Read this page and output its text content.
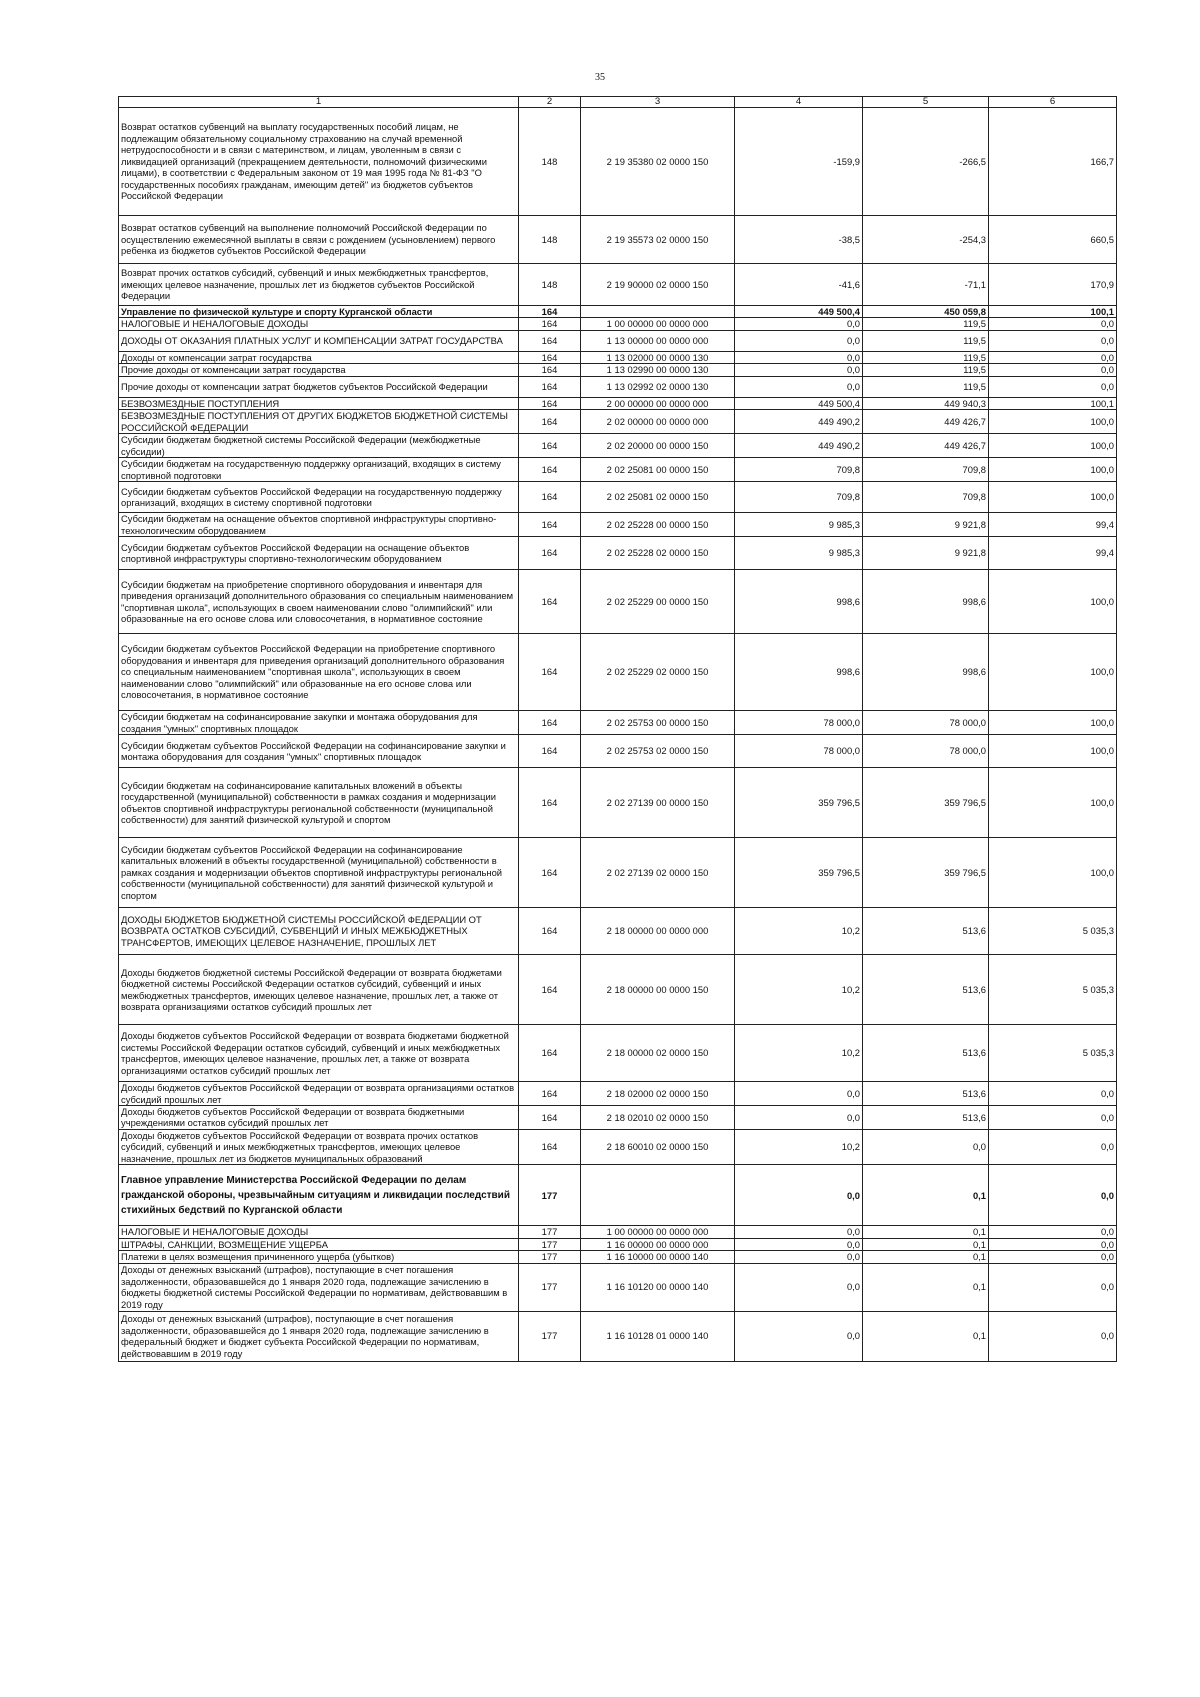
35
1	2	3	4	5	6
Возврат остатков субвенций на выплату государственных пособий лицам, не подлежащим обязательному социальному страхованию на случай временной нетрудоспособности и в связи с материнством, и лицам, уволенным в связи с ликвидацией организаций (прекращением деятельности, полномочий физическими лицами), в соответствии с Федеральным законом от 19 мая 1995 года № 81-ФЗ "О государственных пособиях гражданам, имеющим детей" из бюджетов субъектов Российской Федерации	148	2 19 35380 02 0000 150	-159,9	-266,5	166,7
Возврат остатков субвенций на выполнение полномочий Российской Федерации по осуществлению ежемесячной выплаты в связи с рождением (усыновлением) первого ребенка из бюджетов субъектов Российской Федерации	148	2 19 35573 02 0000 150	-38,5	-254,3	660,5
Возврат прочих остатков субсидий, субвенций и иных межбюджетных трансфертов, имеющих целевое назначение, прошлых лет из бюджетов субъектов Российской Федерации	148	2 19 90000 02 0000 150	-41,6	-71,1	170,9
Управление по физической культуре и спорту Курганской области	164		449 500,4	450 059,8	100,1
НАЛОГОВЫЕ И НЕНАЛОГОВЫЕ ДОХОДЫ	164	1 00 00000 00 0000 000	0,0	119,5	0,0
ДОХОДЫ ОТ ОКАЗАНИЯ ПЛАТНЫХ УСЛУГ И КОМПЕНСАЦИИ ЗАТРАТ ГОСУДАРСТВА	164	1 13 00000 00 0000 000	0,0	119,5	0,0
Доходы от компенсации затрат государства	164	1 13 02000 00 0000 130	0,0	119,5	0,0
Прочие доходы от компенсации затрат государства	164	1 13 02990 00 0000 130	0,0	119,5	0,0
Прочие доходы от компенсации затрат бюджетов субъектов Российской Федерации	164	1 13 02992 02 0000 130	0,0	119,5	0,0
БЕЗВОЗМЕЗДНЫЕ ПОСТУПЛЕНИЯ	164	2 00 00000 00 0000 000	449 500,4	449 940,3	100,1
БЕЗВОЗМЕЗДНЫЕ ПОСТУПЛЕНИЯ ОТ ДРУГИХ БЮДЖЕТОВ БЮДЖЕТНОЙ СИСТЕМЫ РОССИЙСКОЙ ФЕДЕРАЦИИ	164	2 02 00000 00 0000 000	449 490,2	449 426,7	100,0
Субсидии бюджетам бюджетной системы Российской Федерации (межбюджетные субсидии)	164	2 02 20000 00 0000 150	449 490,2	449 426,7	100,0
Субсидии бюджетам на государственную поддержку организаций, входящих в систему спортивной подготовки	164	2 02 25081 00 0000 150	709,8	709,8	100,0
Субсидии бюджетам субъектов Российской Федерации на государственную поддержку организаций, входящих в систему спортивной подготовки	164	2 02 25081 02 0000 150	709,8	709,8	100,0
Субсидии бюджетам на оснащение объектов спортивной инфраструктуры спортивно-технологическим оборудованием	164	2 02 25228 00 0000 150	9 985,3	9 921,8	99,4
Субсидии бюджетам субъектов Российской Федерации на оснащение объектов спортивной инфраструктуры спортивно-технологическим оборудованием	164	2 02 25228 02 0000 150	9 985,3	9 921,8	99,4
Субсидии бюджетам на приобретение спортивного оборудования и инвентаря для приведения организаций дополнительного образования со специальным наименованием "спортивная школа", использующих в своем наименовании слово "олимпийский" или образованные на его основе слова или словосочетания, в нормативное состояние	164	2 02 25229 00 0000 150	998,6	998,6	100,0
Субсидии бюджетам субъектов Российской Федерации на приобретение спортивного оборудования и инвентаря для приведения организаций дополнительного образования со специальным наименованием "спортивная школа", использующих в своем наименовании слово "олимпийский" или образованные на его основе слова или словосочетания, в нормативное состояние	164	2 02 25229 02 0000 150	998,6	998,6	100,0
Субсидии бюджетам на софинансирование закупки и монтажа оборудования для создания "умных" спортивных площадок	164	2 02 25753 00 0000 150	78 000,0	78 000,0	100,0
Субсидии бюджетам субъектов Российской Федерации на софинансирование закупки и монтажа оборудования для создания "умных" спортивных площадок	164	2 02 25753 02 0000 150	78 000,0	78 000,0	100,0
Субсидии бюджетам на софинансирование капитальных вложений в объекты государственной (муниципальной) собственности в рамках создания и модернизации объектов спортивной инфраструктуры региональной собственности (муниципальной собственности) для занятий физической культурой и спортом	164	2 02 27139 00 0000 150	359 796,5	359 796,5	100,0
Субсидии бюджетам субъектов Российской Федерации на софинансирование капитальных вложений в объекты государственной (муниципальной) собственности в рамках создания и модернизации объектов спортивной инфраструктуры региональной собственности (муниципальной собственности) для занятий физической культурой и спортом	164	2 02 27139 02 0000 150	359 796,5	359 796,5	100,0
ДОХОДЫ БЮДЖЕТОВ БЮДЖЕТНОЙ СИСТЕМЫ РОССИЙСКОЙ ФЕДЕРАЦИИ ОТ ВОЗВРАТА ОСТАТКОВ СУБСИДИЙ, СУБВЕНЦИЙ И ИНЫХ МЕЖБЮДЖЕТНЫХ ТРАНСФЕРТОВ, ИМЕЮЩИХ ЦЕЛЕВОЕ НАЗНАЧЕНИЕ, ПРОШЛЫХ ЛЕТ	164	2 18 00000 00 0000 000	10,2	513,6	5 035,3
Доходы бюджетов бюджетной системы Российской Федерации от возврата бюджетами бюджетной системы Российской Федерации остатков субсидий, субвенций и иных межбюджетных трансфертов, имеющих целевое назначение, прошлых лет, а также от возврата организациями остатков субсидий прошлых лет	164	2 18 00000 00 0000 150	10,2	513,6	5 035,3
Доходы бюджетов субъектов Российской Федерации от возврата бюджетами бюджетной системы Российской Федерации остатков субсидий, субвенций и иных межбюджетных трансфертов, имеющих целевое назначение, прошлых лет, а также от возврата организациями остатков субсидий прошлых лет	164	2 18 00000 02 0000 150	10,2	513,6	5 035,3
Доходы бюджетов субъектов Российской Федерации от возврата организациями остатков субсидий прошлых лет	164	2 18 02000 02 0000 150	0,0	513,6	0,0
Доходы бюджетов субъектов Российской Федерации от возврата бюджетными учреждениями остатков субсидий прошлых лет	164	2 18 02010 02 0000 150	0,0	513,6	0,0
Доходы бюджетов субъектов Российской Федерации от возврата прочих остатков субсидий, субвенций и иных межбюджетных трансфертов, имеющих целевое назначение, прошлых лет из бюджетов муниципальных образований	164	2 18 60010 02 0000 150	10,2	0,0	0,0
Главное управление Министерства Российской Федерации по делам гражданской обороны, чрезвычайным ситуациям и ликвидации последствий стихийных бедствий по Курганской области	177		0,0	0,1	0,0
НАЛОГОВЫЕ И НЕНАЛОГОВЫЕ ДОХОДЫ	177	1 00 00000 00 0000 000	0,0	0,1	0,0
ШТРАФЫ, САНКЦИИ, ВОЗМЕЩЕНИЕ УЩЕРБА	177	1 16 00000 00 0000 000	0,0	0,1	0,0
Платежи в целях возмещения причиненного ущерба (убытков)	177	1 16 10000 00 0000 140	0,0	0,1	0,0
Доходы от денежных взысканий (штрафов), поступающие в счет погашения задолженности, образовавшейся до 1 января 2020 года, подлежащие зачислению в бюджеты бюджетной системы Российской Федерации по нормативам, действовавшим в 2019 году	177	1 16 10120 00 0000 140	0,0	0,1	0,0
Доходы от денежных взысканий (штрафов), поступающие в счет погашения задолженности, образовавшейся до 1 января 2020 года, подлежащие зачислению в федеральный бюджет и бюджет субъекта Российской Федерации по нормативам, действовавшим в 2019 году	177	1 16 10128 01 0000 140	0,0	0,1	0,0
